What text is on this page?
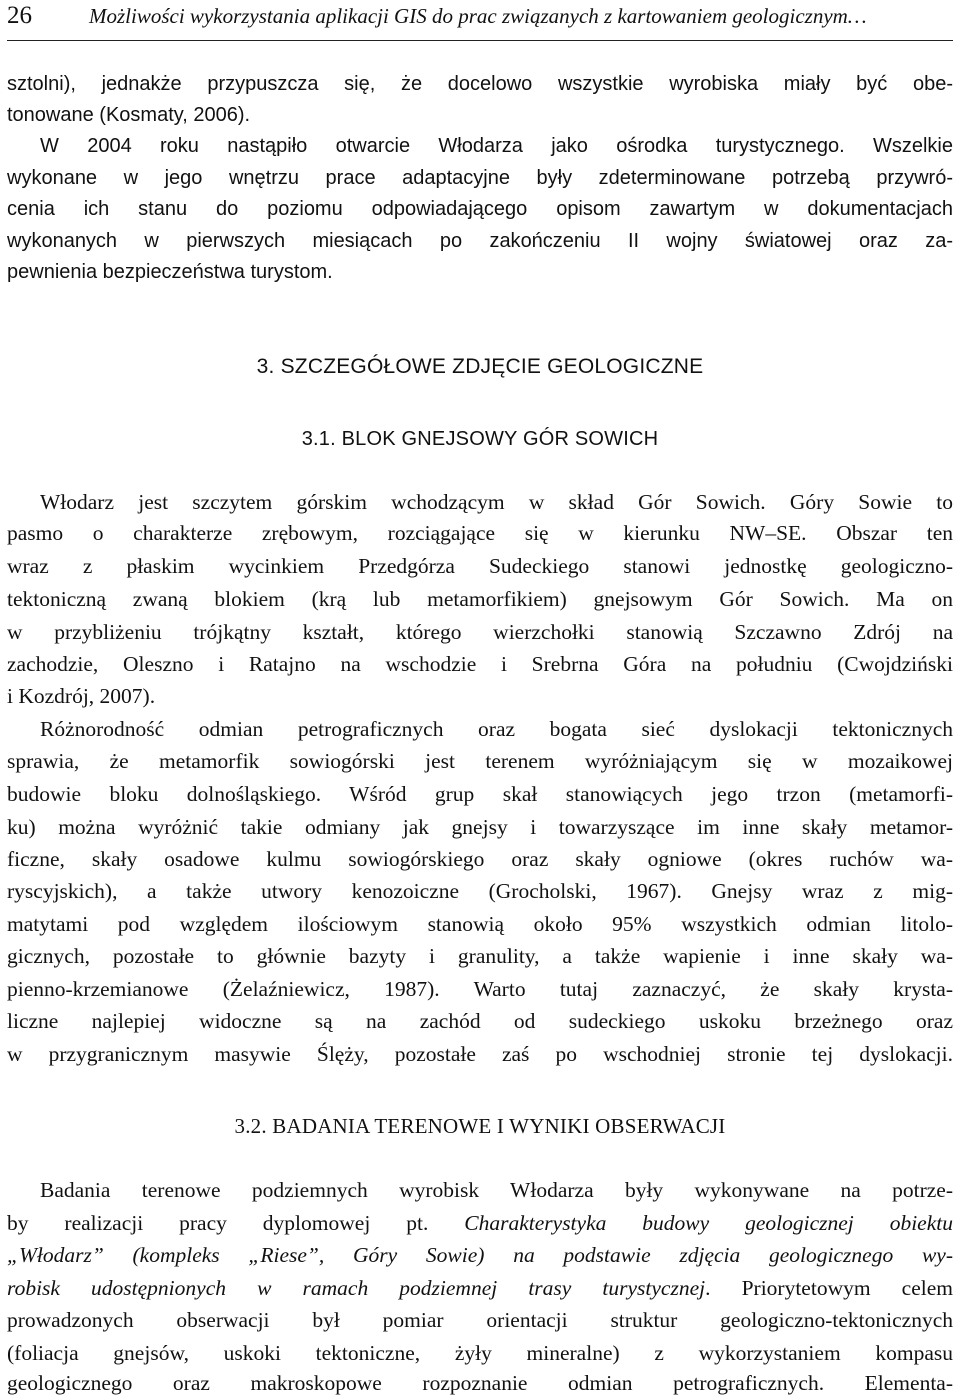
26	Możliwości wykorzystania aplikacji GIS do prac związanych z kartowaniem geologicznym…
sztolni), jednakże przypuszcza się, że docelowo wszystkie wyrobiska miały być obe-
tonowane (Kosmaty, 2006).
W 2004 roku nastąpiło otwarcie Włodarza jako ośrodka turystycznego. Wszelkie
wykonane w jego wnętrzu prace adaptacyjne były zdeterminowane potrzebą przywró-
cenia ich stanu do poziomu odpowiadającego opisom zawartym w dokumentacjach
wykonanych w pierwszych miesiącach po zakończeniu II wojny światowej oraz za-
pewnienia bezpieczeństwa turystom.
3. SZCZEGÓŁOWE ZDJĘCIE GEOLOGICZNE
3.1. BLOK GNEJSOWY GÓR SOWICH
Włodarz jest szczytem górskim wchodzącym w skład Gór Sowich. Góry Sowie to
pasmo o charakterze zrębowym, rozciągające się w kierunku NW–SE. Obszar ten
wraz z płaskim wycinkiem Przedgórza Sudeckiego stanowi jednostkę geologiczno-
tektoniczną zwaną blokiem (krą lub metamorfikiem) gnejsowym Gór Sowich. Ma on
w przybliżeniu trójkątny kształt, którego wierzchołki stanowią Szczawno Zdrój na
zachodzie, Oleszno i Ratajno na wschodzie i Srebrna Góra na południu (Cwojdziński
i Kozdrój, 2007).
Różnorodność odmian petrograficznych oraz bogata sieć dyslokacji tektonicznych
sprawia, że metamorfik sowiogórski jest terenem wyróżniającym się w mozaikowej
budowie bloku dolnośląskiego. Wśród grup skał stanowiących jego trzon (metamorfi-
ku) można wyróżnić takie odmiany jak gnejsy i towarzyszące im inne skały metamor-
ficzne, skały osadowe kulmu sowiogórskiego oraz skały ogniowe (okres ruchów wa-
ryscyjskich), a także utwory kenozoiczne (Grocholski, 1967). Gnejsy wraz z mig-
matytami pod względem ilościowym stanowią około 95% wszystkich odmian litolo-
gicznych, pozostałe to głównie bazyty i granulity, a także wapienie i inne skały wa-
pienno-krzemianowe (Żelaźniewicz, 1987). Warto tutaj zaznaczyć, że skały krysta-
liczne najlepiej widoczne są na zachód od sudeckiego uskoku brzeżnego oraz
w przygranicznym masywie Ślęży, pozostałe zaś po wschodniej stronie tej dyslokacji.
3.2. BADANIA TERENOWE I WYNIKI OBSERWACJI
Badania terenowe podziemnych wyrobisk Włodarza były wykonywane na potrze-
by realizacji pracy dyplomowej pt. Charakterystyka budowy geologicznej obiektu
„Włodarz” (kompleks „Riese”, Góry Sowie) na podstawie zdjęcia geologicznego wy-
robisk udostępnionych w ramach podziemnej trasy turystycznej. Priorytetowym celem
prowadzonych obserwacji był pomiar orientacji struktur geologiczno-tektonicznych
(foliacja gnejsów, uskoki tektoniczne, żyły mineralne) z wykorzystaniem kompasu
geologicznego oraz makroskopowe rozpoznanie odmian petrograficznych. Elementa-
